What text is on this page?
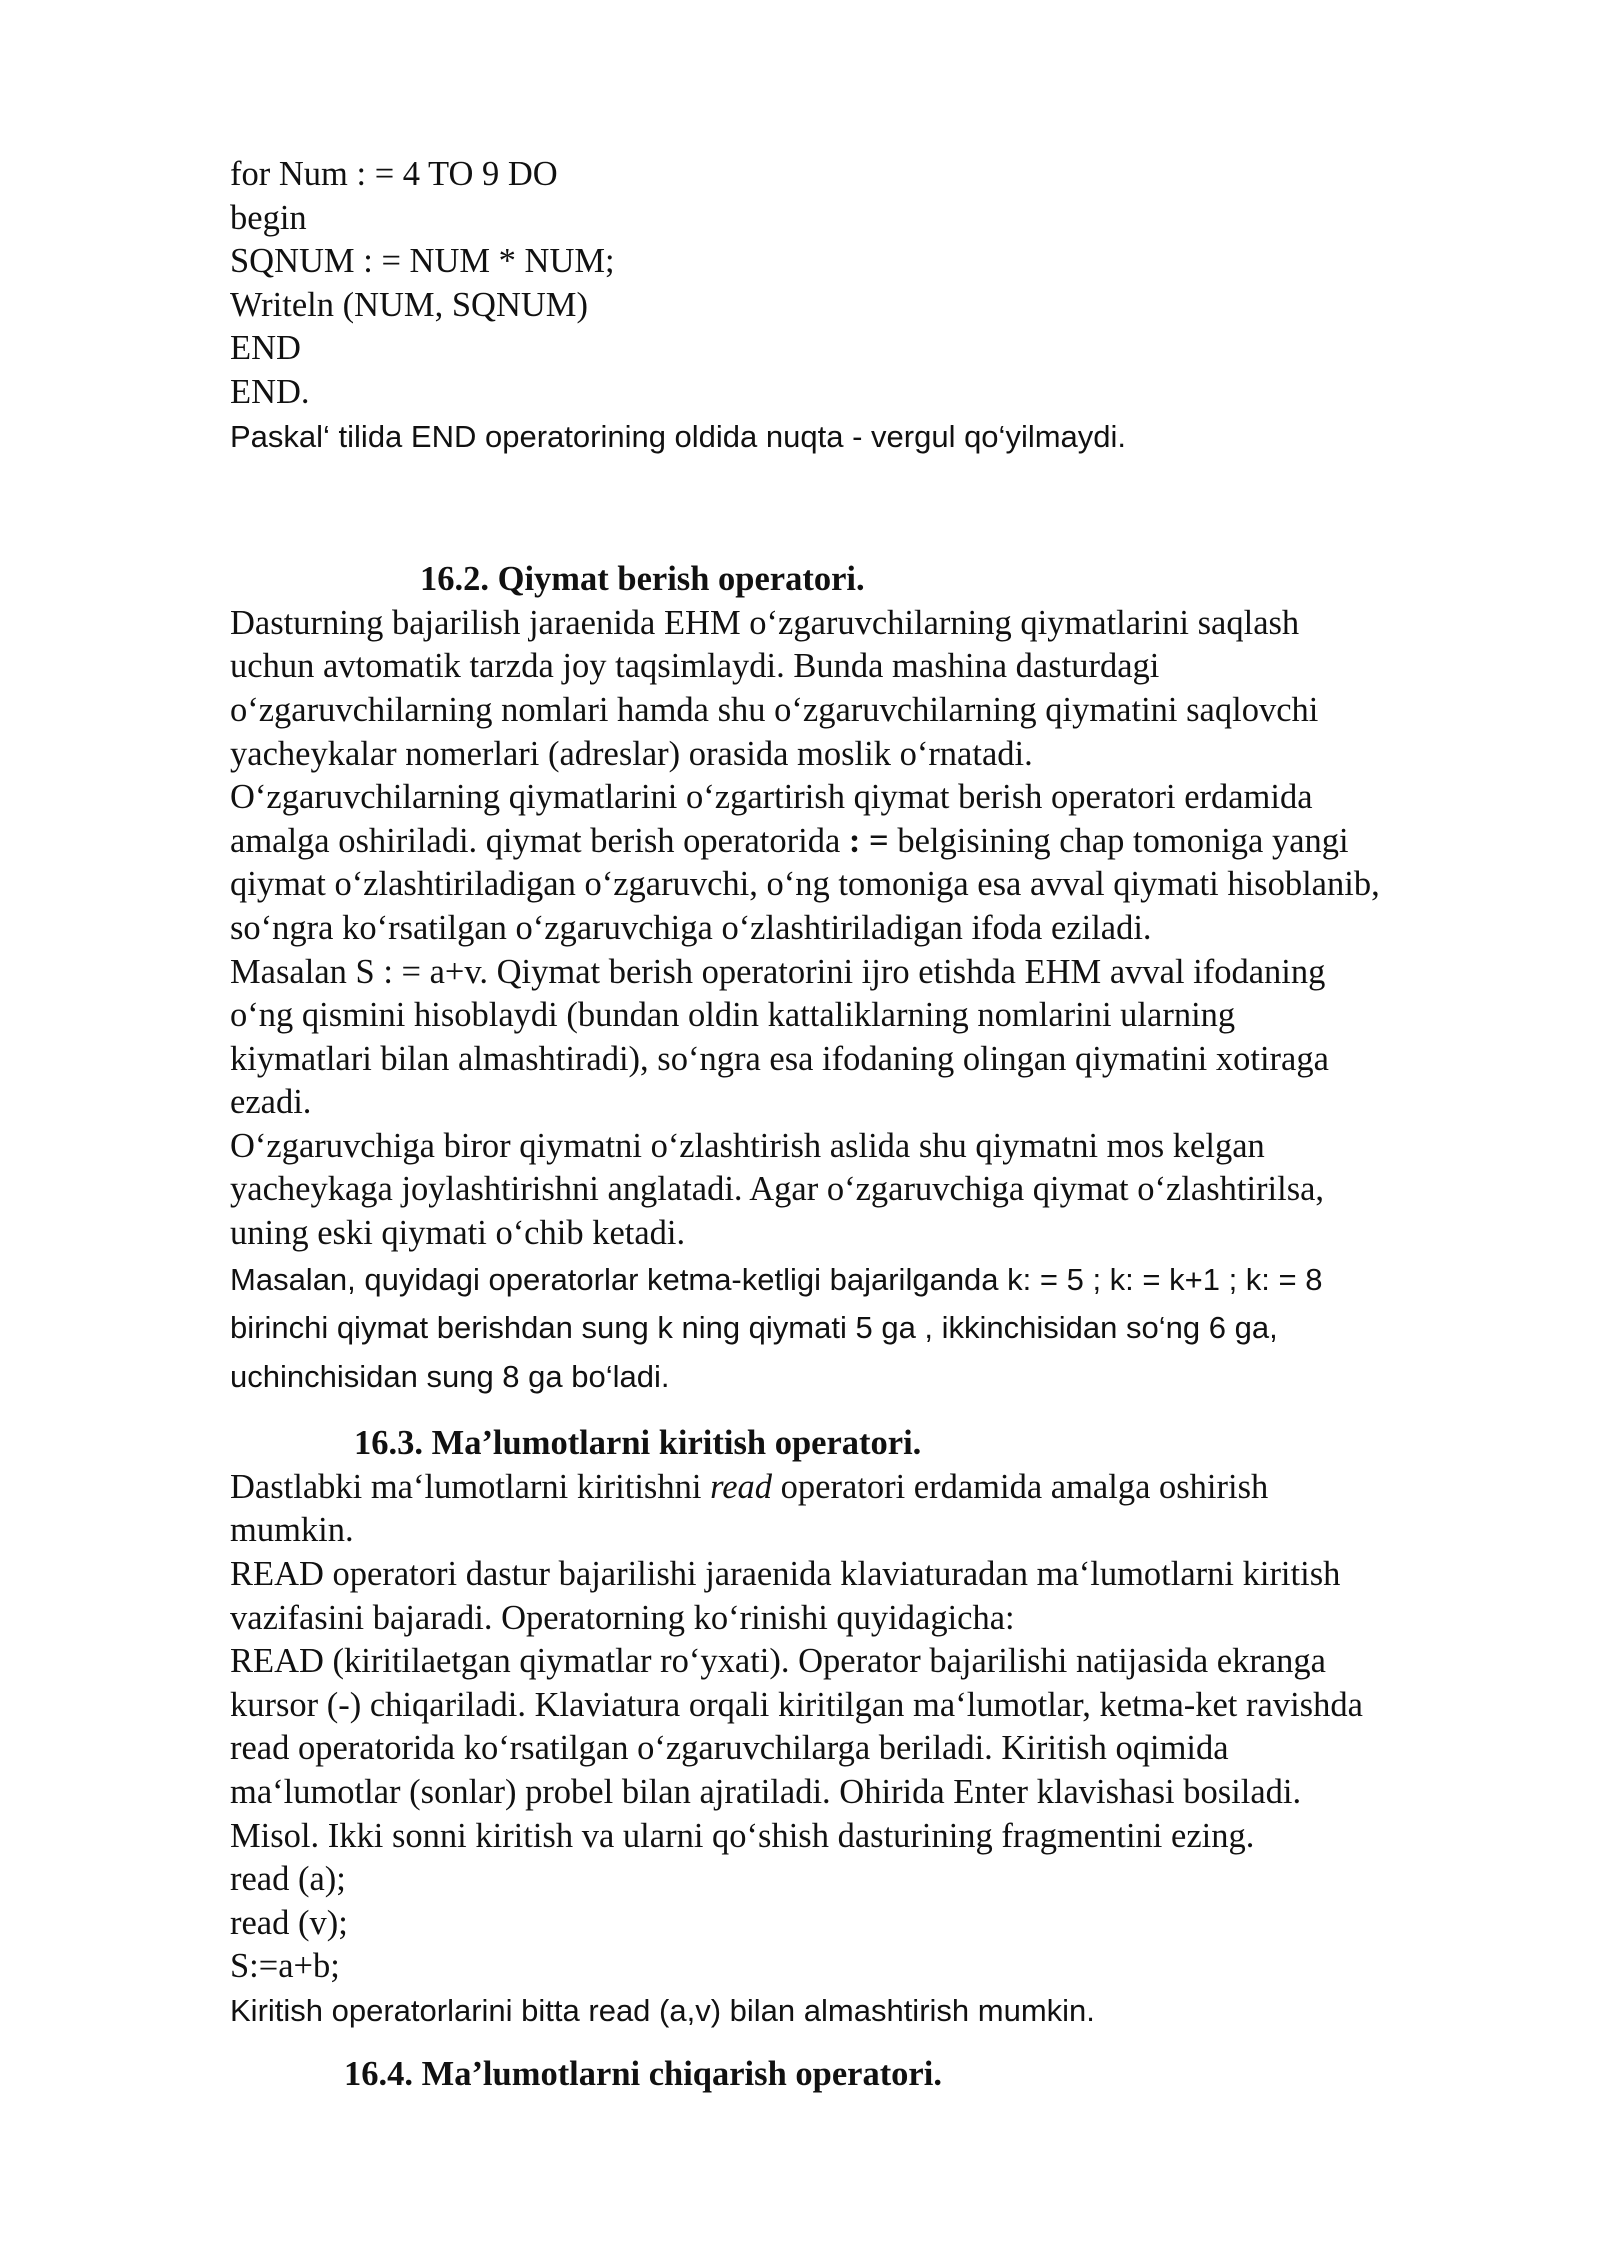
for Num : = 4 TO 9 DO

begin

SQNUM : = NUM * NUM;

Writeln (NUM, SQNUM)

END

END.

Paskal‘ tilida END operatorining oldida nuqta - vergul qo‘yilmaydi.

16.2. Qiymat berish operatori.

Dasturning bajarilish jaraenida EHM o‘zgaruvchilarning qiymatlarini saqlash

uchun avtomatik tarzda joy taqsimlaydi. Bunda mashina dasturdagi

o‘zgaruvchilarning nomlari hamda shu o‘zgaruvchilarning qiymatini saqlovchi

yacheykalar nomerlari (adreslar) orasida moslik o‘rnatadi.

O‘zgaruvchilarning qiymatlarini o‘zgartirish qiymat berish operatori erdamida

amalga oshiriladi. qiymat berish operatorida : = belgisining chap tomoniga yangi

qiymat o‘zlashtiriladigan o‘zgaruvchi, o‘ng tomoniga esa avval qiymati hisoblanib,

so‘ngra ko‘rsatilgan o‘zgaruvchiga o‘zlashtiriladigan ifoda eziladi.

Masalan S : = a+v. Qiymat berish operatorini ijro etishda EHM avval ifodaning

o‘ng qismini hisoblaydi (bundan oldin kattaliklarning nomlarini ularning

kiymatlari bilan almashtiradi), so‘ngra esa ifodaning olingan qiymatini xotiraga

ezadi.

O‘zgaruvchiga biror qiymatni o‘zlashtirish aslida shu qiymatni mos kelgan

yacheykaga joylashtirishni anglatadi. Agar o‘zgaruvchiga qiymat o‘zlashtirilsa,

uning eski qiymati o‘chib ketadi.

Masalan, quyidagi operatorlar ketma-ketligi bajarilganda k: = 5 ; k: = k+1 ; k: = 8

birinchi qiymat berishdan sung k ning qiymati 5 ga , ikkinchisidan so‘ng 6 ga,

uchinchisidan sung 8 ga bo‘ladi.

16.3. Ma’lumotlarni kiritish operatori.

Dastlabki ma‘lumotlarni kiritishni read operatori erdamida amalga oshirish

mumkin.

READ operatori dastur bajarilishi jaraenida klaviaturadan ma‘lumotlarni kiritish

vazifasini bajaradi. Operatorning ko‘rinishi quyidagicha:

READ (kiritilaetgan qiymatlar ro‘yxati). Operator bajarilishi natijasida ekranga

kursor (-) chiqariladi. Klaviatura orqali kiritilgan ma‘lumotlar, ketma-ket ravishda

read operatorida ko‘rsatilgan o‘zgaruvchilarga beriladi. Kiritish oqimida

ma‘lumotlar (sonlar) probel bilan ajratiladi. Ohirida Enter klavishasi bosiladi.

Misol. Ikki sonni kiritish va ularni qo‘shish dasturining fragmentini ezing.

read (a);

read (v);

S:=a+b;

Kiritish operatorlarini bitta read (a,v) bilan almashtirish mumkin.

16.4. Ma’lumotlarni chiqarish operatori.
